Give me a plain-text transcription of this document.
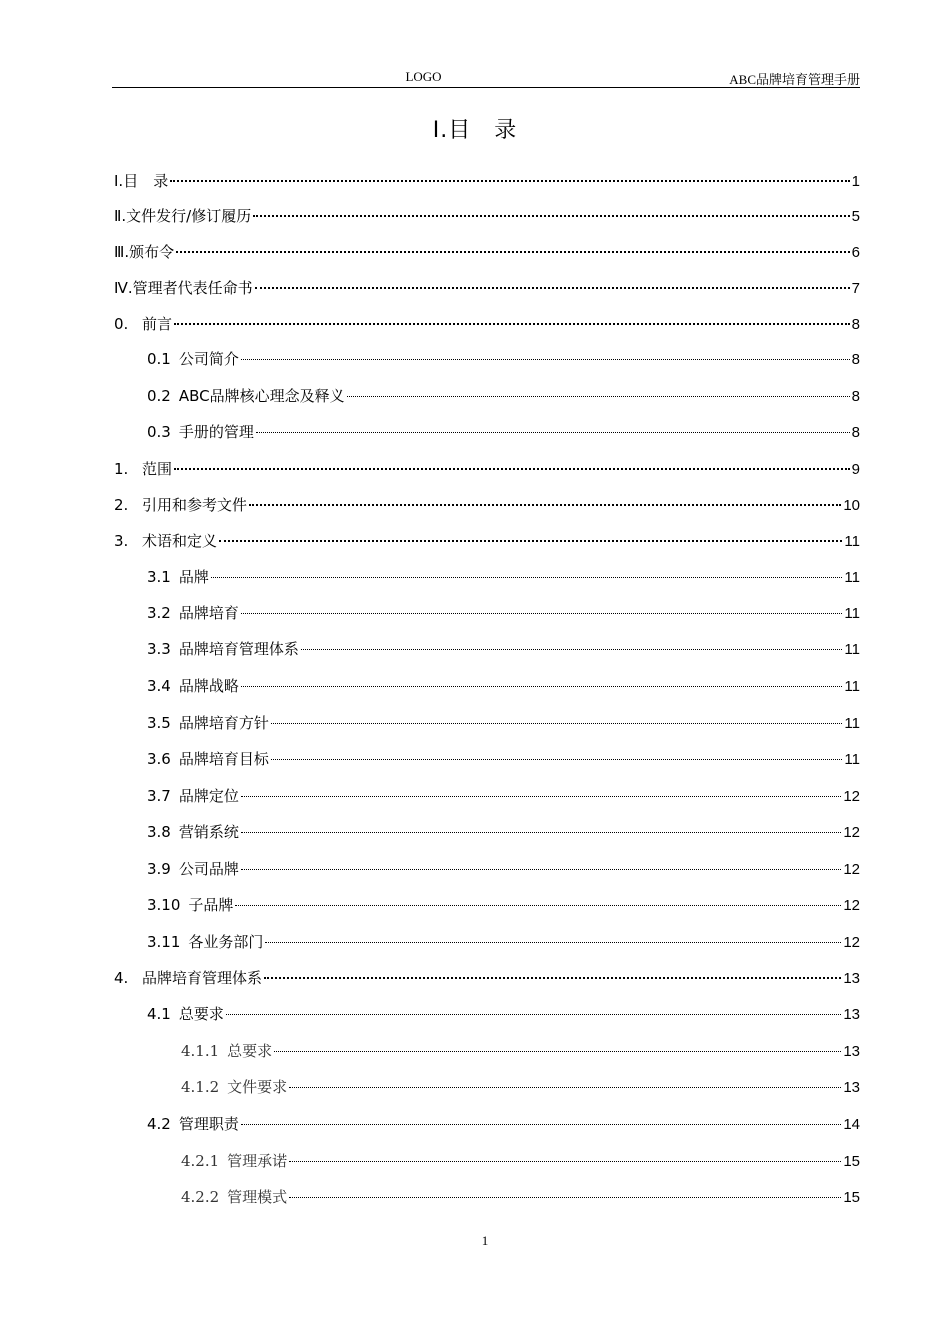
LOGO	ABC品牌培育管理手册
Ⅰ.目　录
Ⅰ. 目　录	1
Ⅱ. 文件发行/修订履历	5
Ⅲ. 颁布令	6
Ⅳ. 管理者代表任命书	7
0. 前言	8
0.1 公司简介	8
0.2 ABC品牌核心理念及释义	8
0.3 手册的管理	8
1. 范围	9
2. 引用和参考文件	10
3. 术语和定义	11
3.1 品牌	11
3.2 品牌培育	11
3.3 品牌培育管理体系	11
3.4 品牌战略	11
3.5 品牌培育方针	11
3.6 品牌培育目标	11
3.7 品牌定位	12
3.8 营销系统	12
3.9 公司品牌	12
3.10 子品牌	12
3.11 各业务部门	12
4. 品牌培育管理体系	13
4.1 总要求	13
4.1.1 总要求	13
4.1.2 文件要求	13
4.2 管理职责	14
4.2.1 管理承诺	15
4.2.2 管理模式	15
1
